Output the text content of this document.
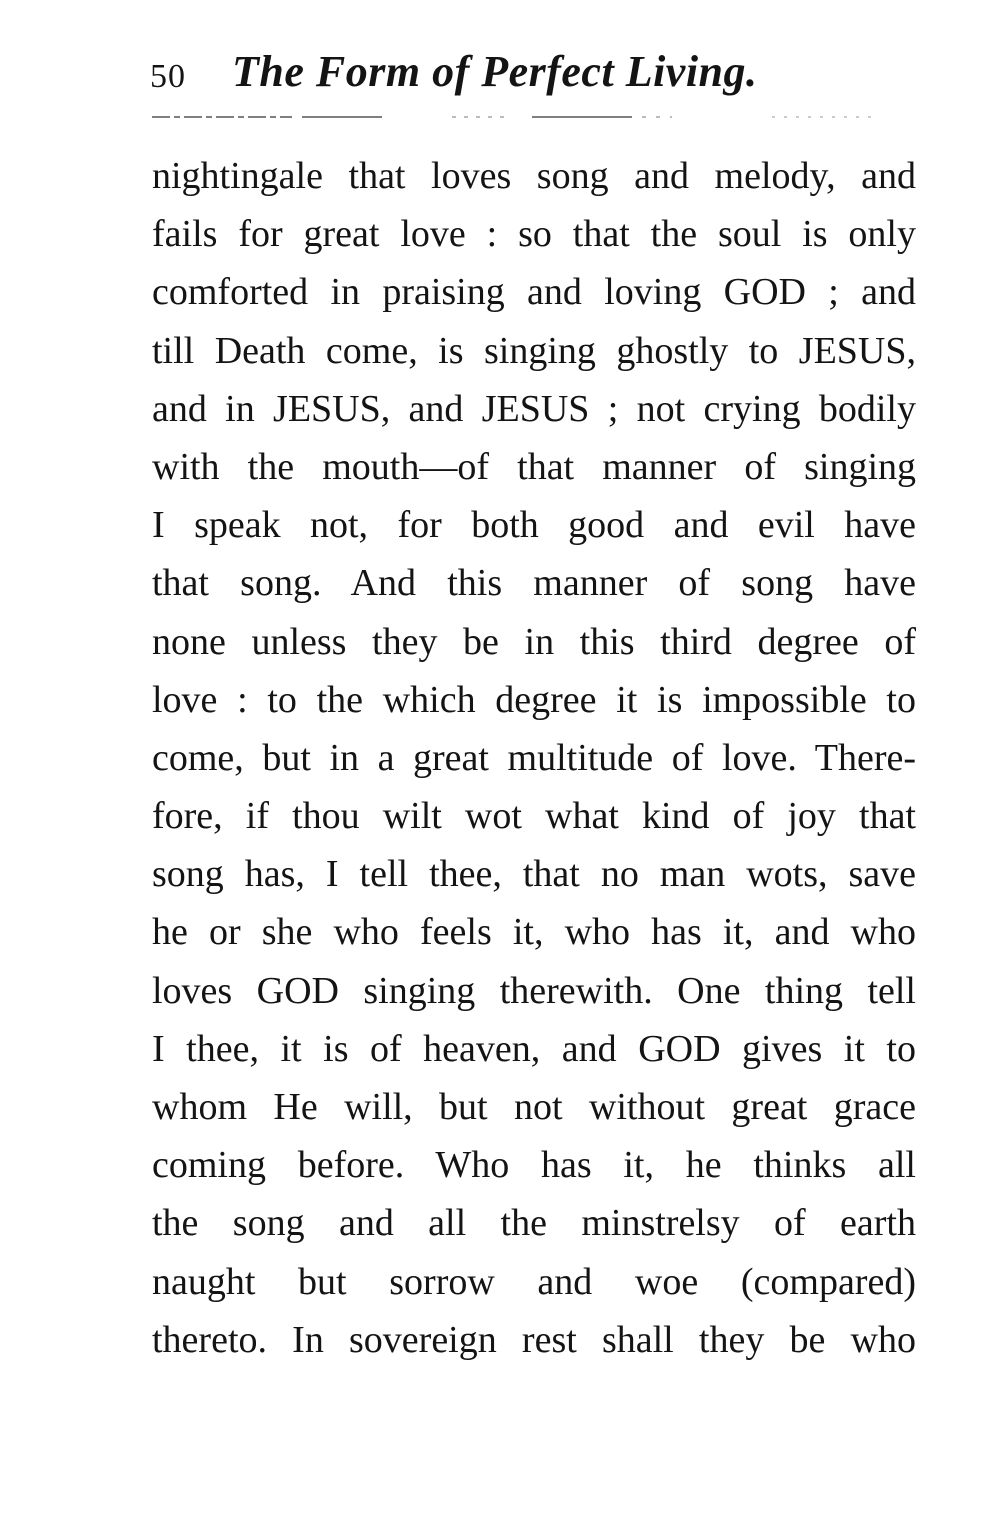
50 The Form of Perfect Living.
nightingale that loves song and melody, and
fails for great love : so that the soul is only
comforted in praising and loving GOD ; and
till Death come, is singing ghostly to JESUS,
and in JESUS, and JESUS ; not crying bodily
with the mouth—of that manner of singing
I speak not, for both good and evil have
that song. And this manner of song have
none unless they be in this third degree of
love : to the which degree it is impossible to
come, but in a great multitude of love. There-
fore, if thou wilt wot what kind of joy that
song has, I tell thee, that no man wots, save
he or she who feels it, who has it, and who
loves GOD singing therewith. One thing tell
I thee, it is of heaven, and GOD gives it to
whom He will, but not without great grace
coming before. Who has it, he thinks all
the song and all the minstrelsy of earth
naught but sorrow and woe (compared)
thereto. In sovereign rest shall they be who
